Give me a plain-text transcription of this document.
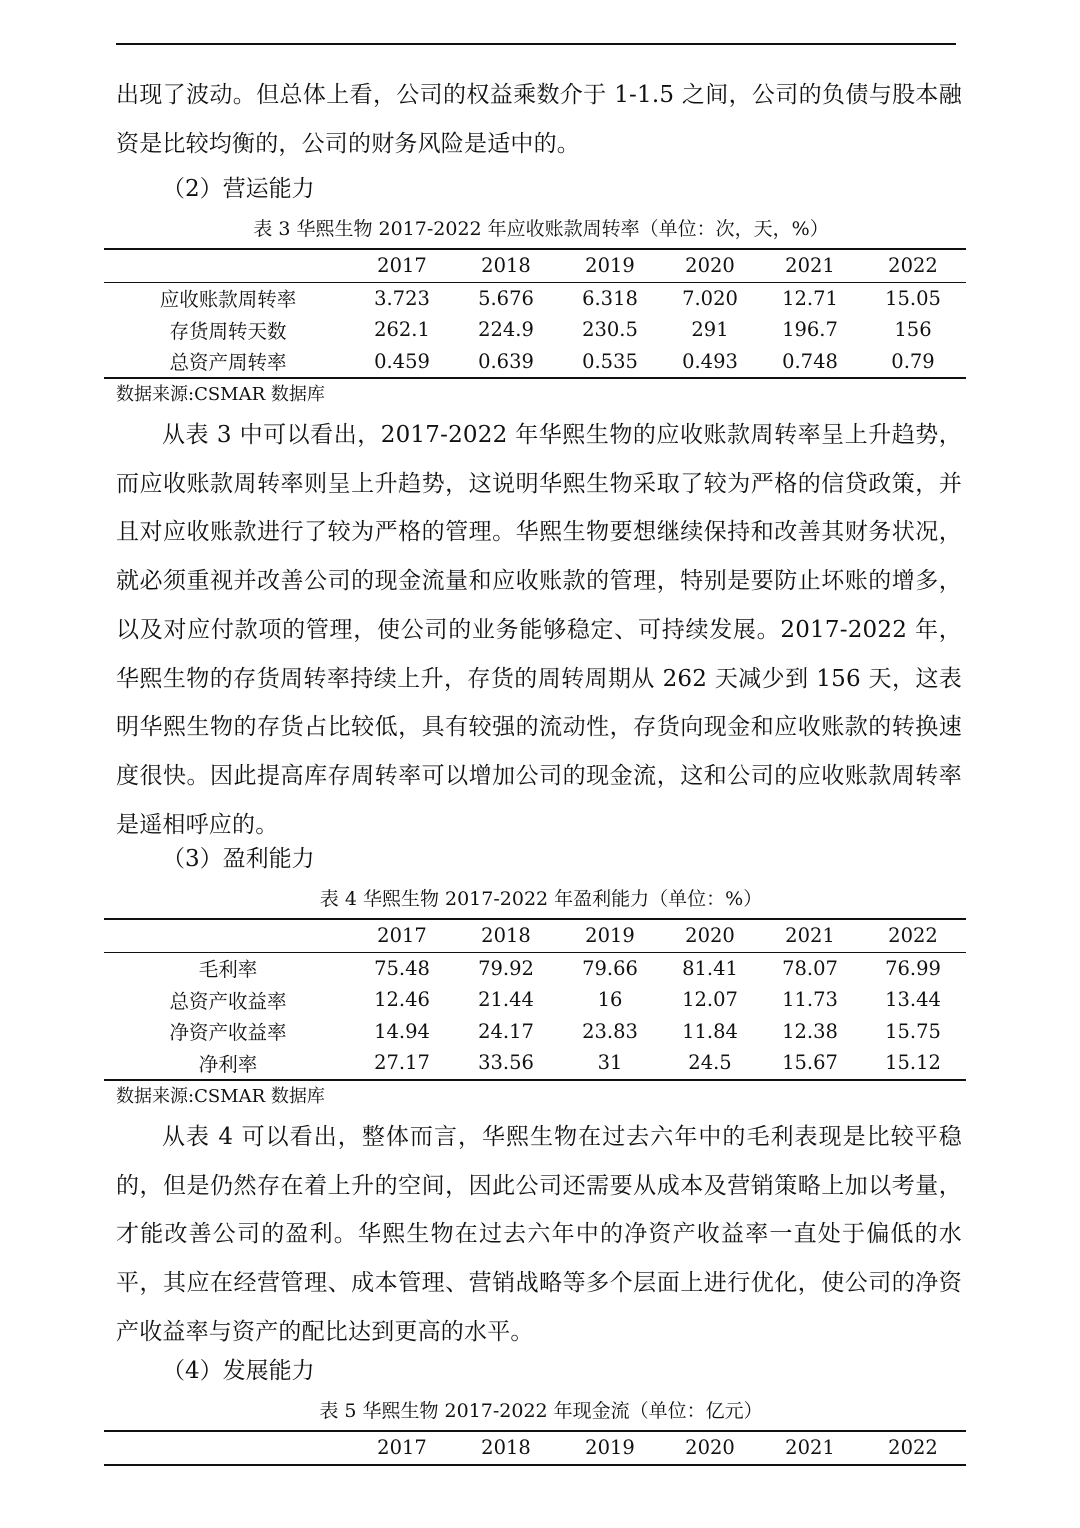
出现了波动。但总体上看，公司的权益乘数介于 1-1.5 之间，公司的负债与股本融资是比较均衡的，公司的财务风险是适中的。

（2）营运能力
表 3 华熙生物 2017-2022 年应收账款周转率（单位：次，天，%）
	2017	2018	2019	2020	2021	2022
应收账款周转率	3.723	5.676	6.318	7.020	12.71	15.05
存货周转天数	262.1	224.9	230.5	291	196.7	156
总资产周转率	0.459	0.639	0.535	0.493	0.748	0.79
数据来源:CSMAR 数据库

从表 3 中可以看出，2017-2022 年华熙生物的应收账款周转率呈上升趋势，而应收账款周转率则呈上升趋势，这说明华熙生物采取了较为严格的信贷政策，并且对应收账款进行了较为严格的管理。华熙生物要想继续保持和改善其财务状况，就必须重视并改善公司的现金流量和应收账款的管理，特别是要防止坏账的增多，以及对应付款项的管理，使公司的业务能够稳定、可持续发展。2017-2022 年，华熙生物的存货周转率持续上升，存货的周转周期从 262 天减少到 156 天，这表明华熙生物的存货占比较低，具有较强的流动性，存货向现金和应收账款的转换速度很快。因此提高库存周转率可以增加公司的现金流，这和公司的应收账款周转率是遥相呼应的。

（3）盈利能力
表 4 华熙生物 2017-2022 年盈利能力（单位：%）
	2017	2018	2019	2020	2021	2022
毛利率	75.48	79.92	79.66	81.41	78.07	76.99
总资产收益率	12.46	21.44	16	12.07	11.73	13.44
净资产收益率	14.94	24.17	23.83	11.84	12.38	15.75
净利率	27.17	33.56	31	24.5	15.67	15.12
数据来源:CSMAR 数据库

从表 4 可以看出，整体而言，华熙生物在过去六年中的毛利表现是比较平稳的，但是仍然存在着上升的空间，因此公司还需要从成本及营销策略上加以考量，才能改善公司的盈利。华熙生物在过去六年中的净资产收益率一直处于偏低的水平，其应在经营管理、成本管理、营销战略等多个层面上进行优化，使公司的净资产收益率与资产的配比达到更高的水平。

（4）发展能力
表 5 华熙生物 2017-2022 年现金流（单位：亿元）
	2017	2018	2019	2020	2021	2022
